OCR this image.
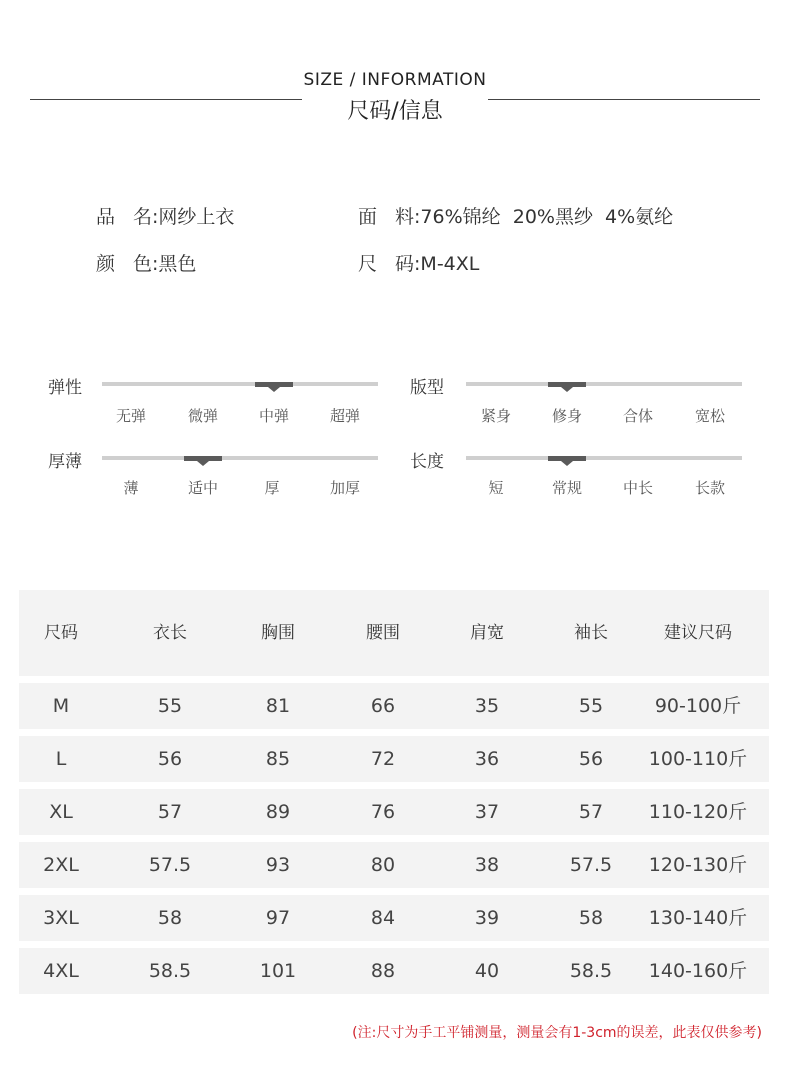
SIZE / INFORMATION
尺码/信息
品 名:网纱上衣	面 料:76%锦纶  20%黑纱  4%氨纶
颜 色:黑色	尺 码:M-4XL
弹性
无弹	微弹	中弹	超弹
版型
紧身	修身	合体	宽松
厚薄
薄	适中	厚	加厚
长度
短	常规	中长	长款
尺码	衣长	胸围	腰围	肩宽	袖长	建议尺码
M	55	81	66	35	55	90-100斤
L	56	85	72	36	56	100-110斤
XL	57	89	76	37	57	110-120斤
2XL	57.5	93	80	38	57.5	120-130斤
3XL	58	97	84	39	58	130-140斤
4XL	58.5	101	88	40	58.5	140-160斤
(注:尺寸为手工平铺测量，测量会有1-3cm的误差，此表仅供参考)
